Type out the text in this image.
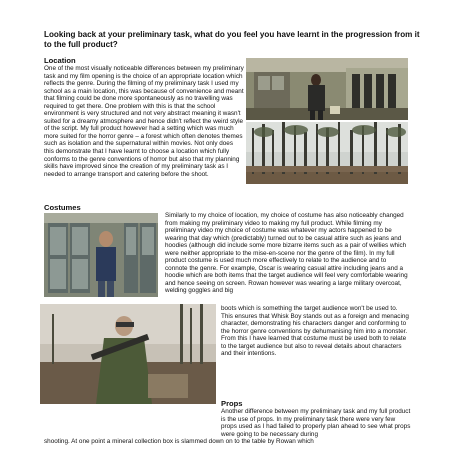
Looking back at your preliminary task, what do you feel you have learnt in the progression from it to the full product?
Location
One of the most visually noticeable differences between my preliminary task and my film opening is the choice of an appropriate location which reflects the genre. During the filming of my preliminary task I used my school as a main location, this was because of convenience and meant that filming could be done more spontaneously as no travelling was required to get there. One problem with this is that the school environment is very structured and not very abstract meaning it wasn't suited for a dreamy atmosphere and hence didn't reflect the weird style of the script. My full product however had a setting which was much more suited for the horror genre – a forest which often denotes themes such as isolation and the supernatural within movies. Not only does this demonstrate that I have learnt to choose a location which fully conforms to the genre conventions of horror but also that my planning skills have improved since the creation of my preliminary task as I needed to arrange transport and catering before the shoot.
Costumes
Similarly to my choice of location, my choice of costume has also noticeably changed from making my preliminary video to making my full product. While filming my preliminary video my choice of costume was whatever my actors happened to be wearing that day which (predictably) turned out to be casual attire such as jeans and hoodies (although did include some more bizarre items such as a pair of wellies which were neither appropriate to the mise-en-scene nor the genre of the film). In my full product costume is used much more effectively to relate to the audience and to connote the genre. For example, Oscar is wearing casual attire including jeans and a hoodie which are both items that the target audience will feel very comfortable wearing and hence seeing on screen. Rowan however was wearing a large military overcoat, welding goggles and big
boots which is something the target audience won't be used to. This ensures that Whisk Boy stands out as a foreign and menacing character, demonstrating his characters danger and conforming to the horror genre conventions by dehumanising him into a monster. From this I have learned that costume must be used both to relate to the target audience but also to reveal details about characters and their intentions.
Props
Another difference between my preliminary task and my full product is the use of props. In my preliminary task there were very few props used as I had failed to properly plan ahead to see what props were going to be necessary during
shooting. At one point a mineral collection box is slammed down on to the table by Rowan which
